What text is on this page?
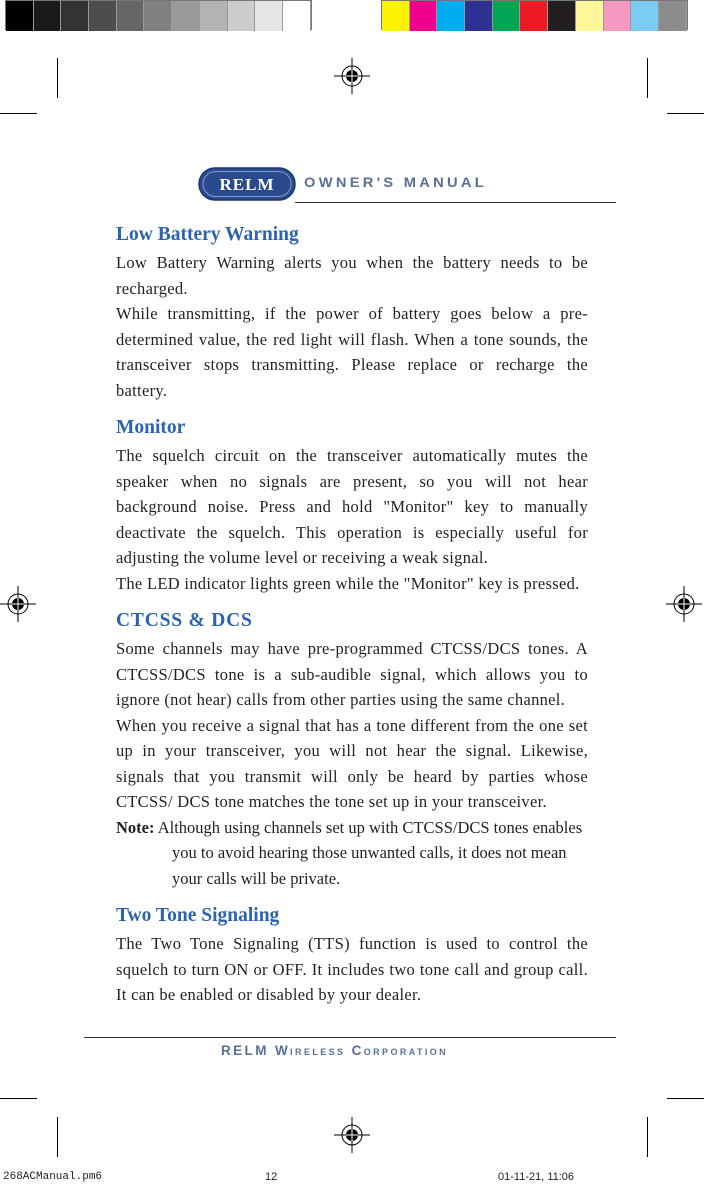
RELM OWNER'S MANUAL
Low Battery Warning

Low Battery Warning alerts you when the battery needs to be recharged.

While transmitting, if the power of battery goes below a pre-determined value, the red light will flash. When a tone sounds, the transceiver stops transmitting. Please replace or recharge the battery.

Monitor

The squelch circuit on the transceiver automatically mutes the speaker when no signals are present, so you will not hear background noise. Press and hold "Monitor" key to manually deactivate the squelch. This operation is especially useful for adjusting the volume level or receiving a weak signal.

The LED indicator lights green while the "Monitor" key is pressed.

CTCSS & DCS

Some channels may have pre-programmed CTCSS/DCS tones. A CTCSS/DCS tone is a sub-audible signal, which allows you to ignore (not hear) calls from other parties using the same channel.

When you receive a signal that has a tone different from the one set up in your transceiver, you will not hear the signal. Likewise, signals that you transmit will only be heard by parties whose CTCSS/ DCS tone matches the tone set up in your transceiver.

Note: Although using channels set up with CTCSS/DCS tones enables
you to avoid hearing those unwanted calls, it does not mean your calls will be private.
Two Tone Signaling

The Two Tone Signaling (TTS) function is used to control the squelch to turn ON or OFF. It includes two tone call and group call. It can be enabled or disabled by your dealer.

RELM Wireless Corporation
268ACManual.pm6	12	01-11-21, 11:06
